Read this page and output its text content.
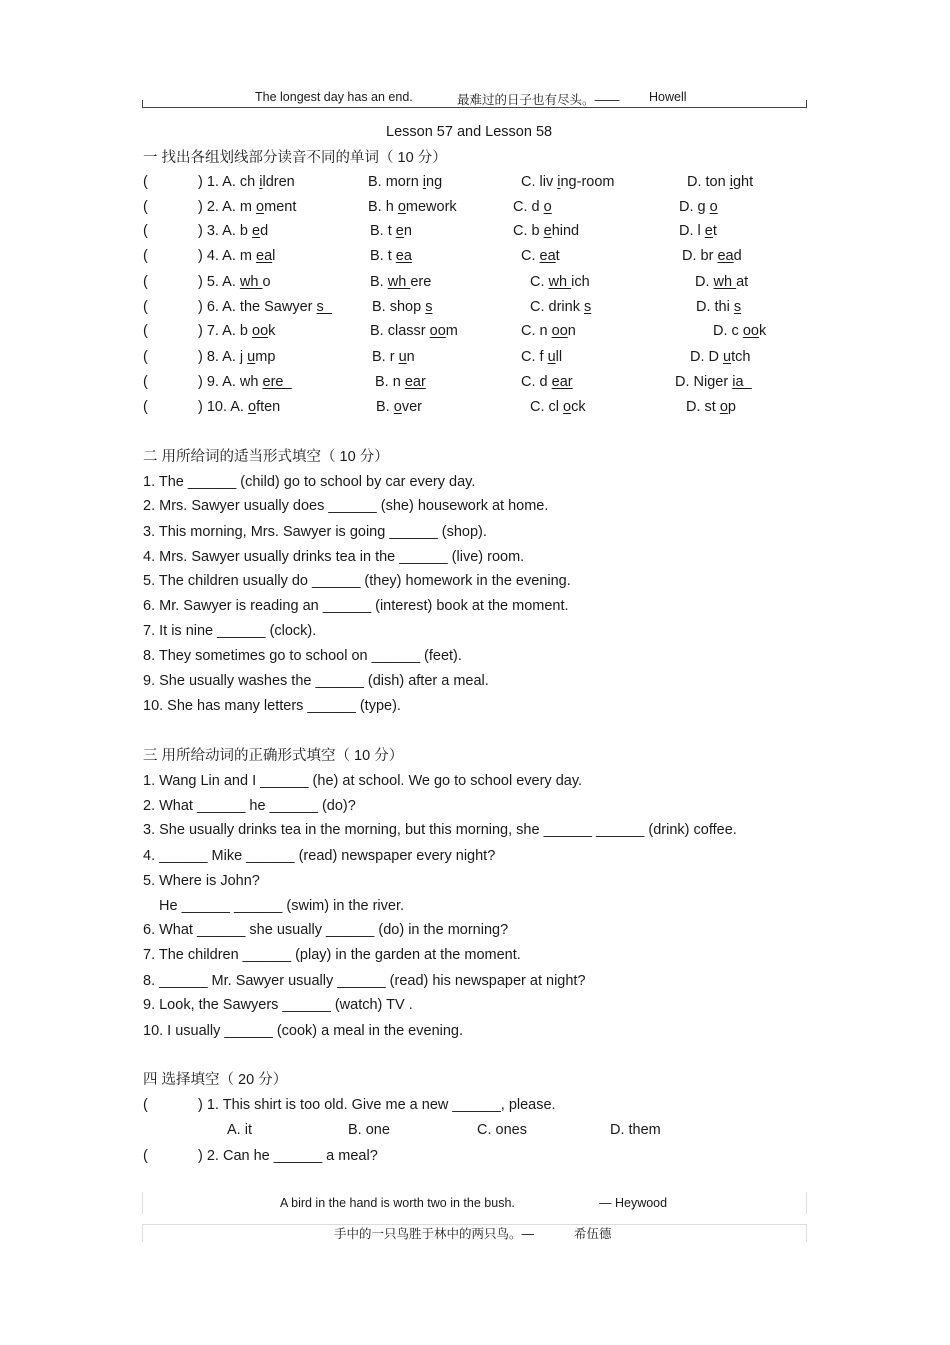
The longest day has an end.	最难过的日子也有尽头。—— Howell
Lesson 57 and Lesson 58
一 找出各组划线部分读音不同的单词（ 10 分）
(	) 1. A. ch ildren	B. morn ing	C. liv ing-room	D. ton ight
(	) 2. A. m oment	B. h omework	C. d o	D. g o
(	) 3. A. b ed	B. t en	C. b ehind	D. l et
(	) 4. A. m eal	B. t ea	C. eat	D. br ead
(	) 5. A. wh o	B. wh ere	C. wh ich	D. wh at
(	) 6. A. the Sawyer s_	B. shop s	C. drink s	D. thi s
(	) 7. A. b ook	B. classr oom	C. n oon	D. c ook
(	) 8. A. j ump	B. r un	C. f ull	D. D utch
(	) 9. A. wh ere_	B. n ear	C. d ear	D. Niger ia_
(	) 10. A. often	B. over	C. cl ock	D. st op
二 用所给词的适当形式填空（ 10 分）
1. The ______ (child) go to school by car every day.
2. Mrs. Sawyer usually does ______ (she) housework at home.
3. This morning, Mrs. Sawyer is going ______ (shop).
4. Mrs. Sawyer usually drinks tea in the ______ (live) room.
5. The children usually do ______ (they) homework in the evening.
6. Mr. Sawyer is reading an ______ (interest) book at the moment.
7. It is nine ______ (clock).
8. They sometimes go to school on ______ (feet).
9. She usually washes the ______ (dish) after a meal.
10. She has many letters ______ (type).
三 用所给动词的正确形式填空（ 10 分）
1. Wang Lin and I ______ (he) at school. We go to school every day.
2. What ______ he ______ (do)?
3. She usually drinks tea in the morning, but this morning, she ______ ______ (drink) coffee.
4. ______ Mike ______ (read) newspaper every night?
5. Where is John?
He ______ ______ (swim) in the river.
6. What ______ she usually ______ (do) in the morning?
7. The children ______ (play) in the garden at the moment.
8. ______ Mr. Sawyer usually ______ (read) his newspaper at night?
9. Look, the Sawyers ______ (watch) TV .
10. I usually ______ (cook) a meal in the evening.
四 选择填空（ 20 分）
(	) 1. This shirt is too old. Give me a new ______, please.
A. it	B. one	C. ones	D. them
(	) 2. Can he ______ a meal?
A bird in the hand is worth two in the bush.	— Heywood
手中的一只鸟胜于林中的两只鸟。—	希伍德
